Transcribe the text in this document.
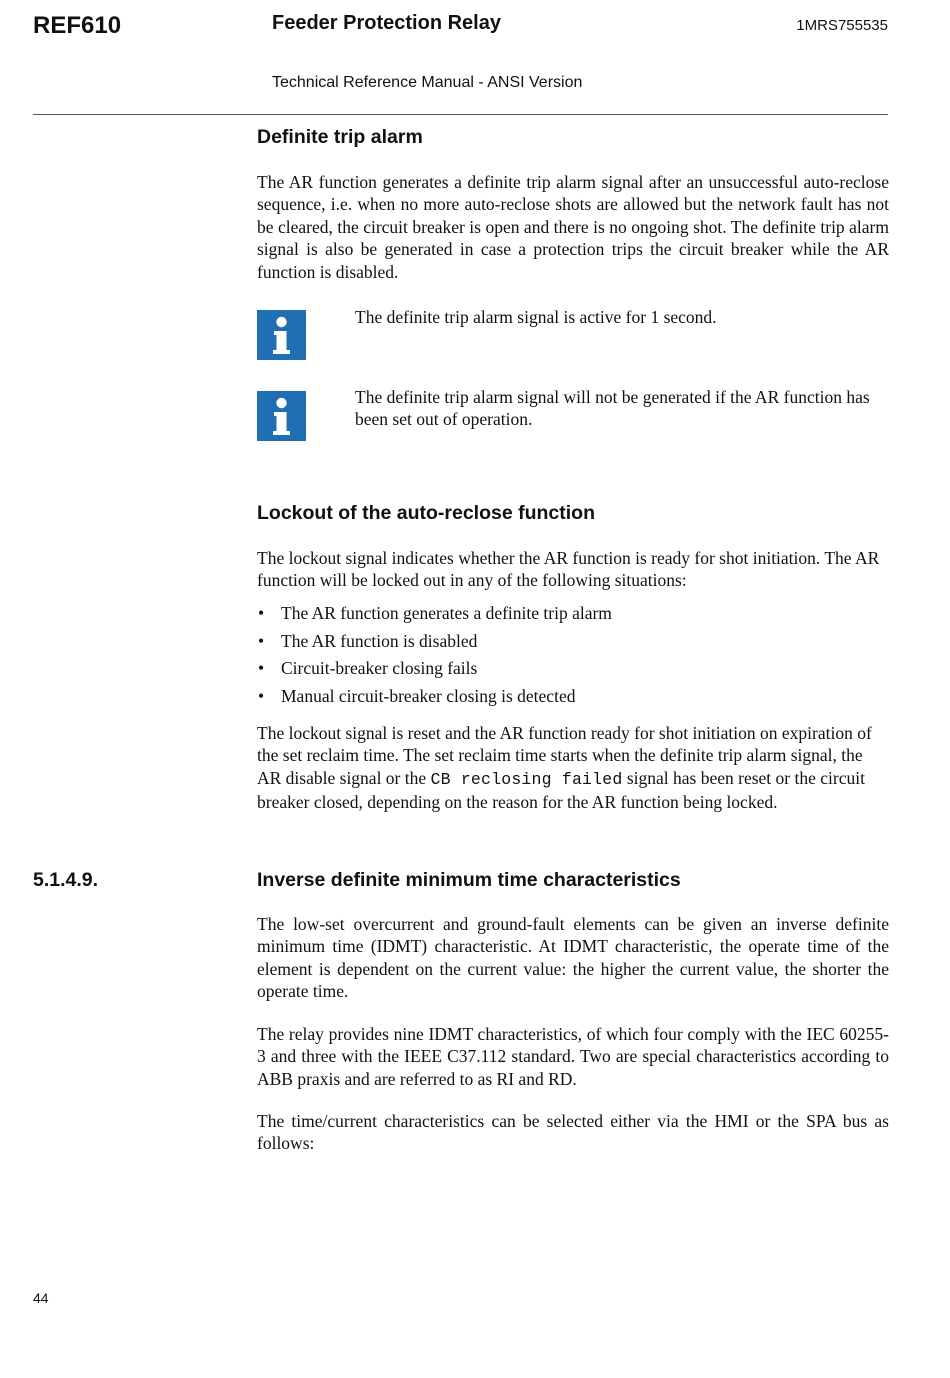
REF610	Feeder Protection Relay	1MRS755535
Technical Reference Manual - ANSI Version
Definite trip alarm

The AR function generates a definite trip alarm signal after an unsuccessful auto-reclose sequence, i.e. when no more auto-reclose shots are allowed but the network fault has not be cleared, the circuit breaker is open and there is no ongoing shot. The definite trip alarm signal is also be generated in case a protection trips the circuit breaker while the AR function is disabled.

The definite trip alarm signal is active for 1 second.

The definite trip alarm signal will not be generated if the AR function has been set out of operation.

Lockout of the auto-reclose function

The lockout signal indicates whether the AR function is ready for shot initiation. The AR function will be locked out in any of the following situations:

• The AR function generates a definite trip alarm
• The AR function is disabled
• Circuit-breaker closing fails
• Manual circuit-breaker closing is detected

The lockout signal is reset and the AR function ready for shot initiation on expiration of the set reclaim time. The set reclaim time starts when the definite trip alarm signal, the AR disable signal or the CB reclosing failed signal has been reset or the circuit breaker closed, depending on the reason for the AR function being locked.

5.1.4.9.	Inverse definite minimum time characteristics

The low-set overcurrent and ground-fault elements can be given an inverse definite minimum time (IDMT) characteristic. At IDMT characteristic, the operate time of the element is dependent on the current value: the higher the current value, the shorter the operate time.

The relay provides nine IDMT characteristics, of which four comply with the IEC 60255-3 and three with the IEEE C37.112 standard. Two are special characteristics according to ABB praxis and are referred to as RI and RD.

The time/current characteristics can be selected either via the HMI or the SPA bus as follows:

44
